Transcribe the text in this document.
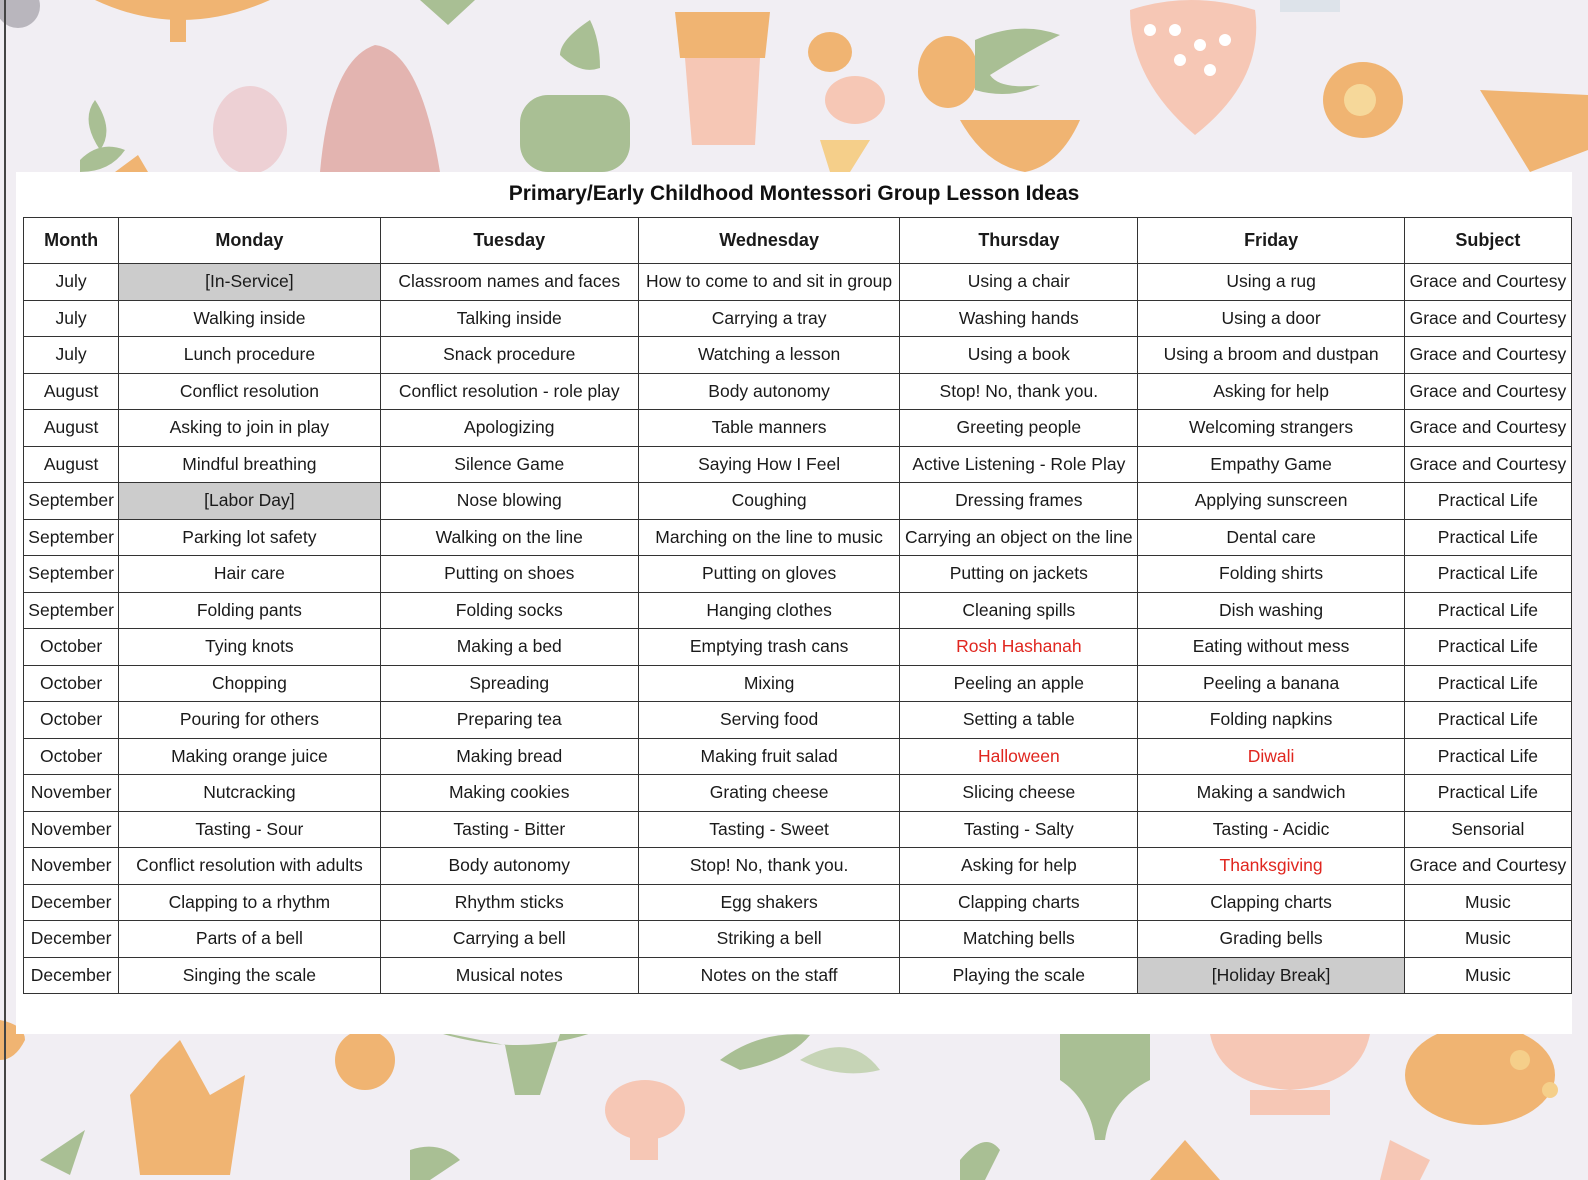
Primary/Early Childhood Montessori Group Lesson Ideas
Month	Monday	Tuesday	Wednesday	Thursday	Friday	Subject
July	[In-Service]	Classroom names and faces	How to come to and sit in group	Using a chair	Using a rug	Grace and Courtesy
July	Walking inside	Talking inside	Carrying a tray	Washing hands	Using a door	Grace and Courtesy
July	Lunch procedure	Snack procedure	Watching a lesson	Using a book	Using a broom and dustpan	Grace and Courtesy
August	Conflict resolution	Conflict resolution - role play	Body autonomy	Stop! No, thank you.	Asking for help	Grace and Courtesy
August	Asking to join in play	Apologizing	Table manners	Greeting people	Welcoming strangers	Grace and Courtesy
August	Mindful breathing	Silence Game	Saying How I Feel	Active Listening - Role Play	Empathy Game	Grace and Courtesy
September	[Labor Day]	Nose blowing	Coughing	Dressing frames	Applying sunscreen	Practical Life
September	Parking lot safety	Walking on the line	Marching on the line to music	Carrying an object on the line	Dental care	Practical Life
September	Hair care	Putting on shoes	Putting on gloves	Putting on jackets	Folding shirts	Practical Life
September	Folding pants	Folding socks	Hanging clothes	Cleaning spills	Dish washing	Practical Life
October	Tying knots	Making a bed	Emptying trash cans	Rosh Hashanah	Eating without mess	Practical Life
October	Chopping	Spreading	Mixing	Peeling an apple	Peeling a banana	Practical Life
October	Pouring for others	Preparing tea	Serving food	Setting a table	Folding napkins	Practical Life
October	Making orange juice	Making bread	Making fruit salad	Halloween	Diwali	Practical Life
November	Nutcracking	Making cookies	Grating cheese	Slicing cheese	Making a sandwich	Practical Life
November	Tasting - Sour	Tasting - Bitter	Tasting - Sweet	Tasting - Salty	Tasting - Acidic	Sensorial
November	Conflict resolution with adults	Body autonomy	Stop! No, thank you.	Asking for help	Thanksgiving	Grace and Courtesy
December	Clapping to a rhythm	Rhythm sticks	Egg shakers	Clapping charts	Clapping charts	Music
December	Parts of a bell	Carrying a bell	Striking a bell	Matching bells	Grading bells	Music
December	Singing the scale	Musical notes	Notes on the staff	Playing the scale	[Holiday Break]	Music
